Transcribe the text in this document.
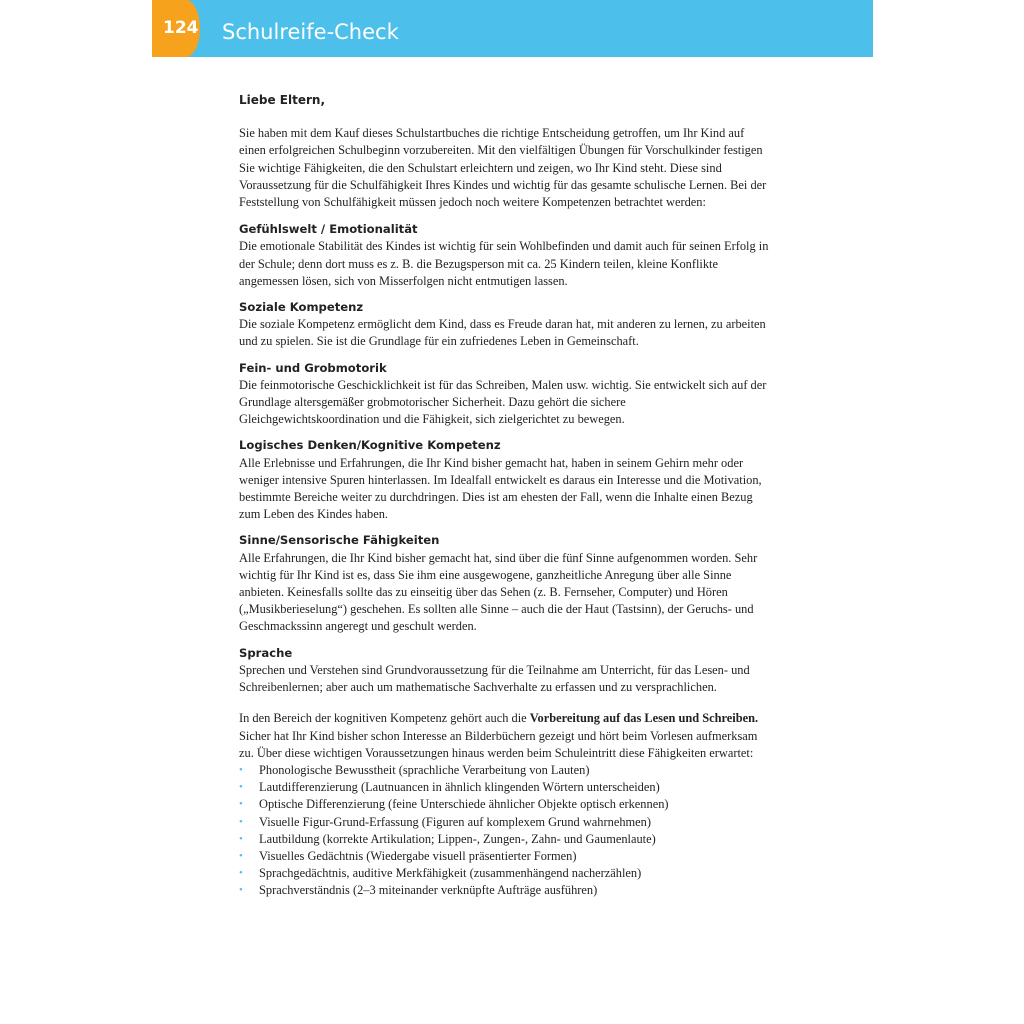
124 Schulreife-Check

Liebe Eltern,

Sie haben mit dem Kauf dieses Schulstartbuches die richtige Entscheidung getroffen, um Ihr Kind auf einen erfolgreichen Schulbeginn vorzubereiten. Mit den vielfältigen Übungen für Vorschulkinder festigen Sie wichtige Fähigkeiten, die den Schulstart erleichtern und zeigen, wo Ihr Kind steht. Diese sind Voraussetzung für die Schulfähigkeit Ihres Kindes und wichtig für das gesamte schulische Lernen. Bei der Feststellung von Schulfähigkeit müssen jedoch noch weitere Kompetenzen betrachtet werden:

Gefühlswelt / Emotionalität

Die emotionale Stabilität des Kindes ist wichtig für sein Wohlbefinden und damit auch für seinen Erfolg in der Schule; denn dort muss es z. B. die Bezugsperson mit ca. 25 Kindern teilen, kleine Konflikte angemessen lösen, sich von Misserfolgen nicht entmutigen lassen.

Soziale Kompetenz

Die soziale Kompetenz ermöglicht dem Kind, dass es Freude daran hat, mit anderen zu lernen, zu arbeiten und zu spielen. Sie ist die Grundlage für ein zufriedenes Leben in Gemeinschaft.

Fein- und Grobmotorik

Die feinmotorische Geschicklichkeit ist für das Schreiben, Malen usw. wichtig. Sie entwickelt sich auf der Grundlage altersgemäßer grobmotorischer Sicherheit. Dazu gehört die sichere Gleichgewichtskoordination und die Fähigkeit, sich zielgerichtet zu bewegen.

Logisches Denken/Kognitive Kompetenz

Alle Erlebnisse und Erfahrungen, die Ihr Kind bisher gemacht hat, haben in seinem Gehirn mehr oder weniger intensive Spuren hinterlassen. Im Idealfall entwickelt es daraus ein Interesse und die Motivation, bestimmte Bereiche weiter zu durchdringen. Dies ist am ehesten der Fall, wenn die Inhalte einen Bezug zum Leben des Kindes haben.

Sinne/Sensorische Fähigkeiten

Alle Erfahrungen, die Ihr Kind bisher gemacht hat, sind über die fünf Sinne aufgenommen worden. Sehr wichtig für Ihr Kind ist es, dass Sie ihm eine ausgewogene, ganzheitliche Anregung über alle Sinne anbieten. Keinesfalls sollte das zu einseitig über das Sehen (z. B. Fernseher, Computer) und Hören („Musikberieselung“) geschehen. Es sollten alle Sinne – auch die der Haut (Tastsinn), der Geruchs- und Geschmackssinn angeregt und geschult werden.

Sprache

Sprechen und Verstehen sind Grundvoraussetzung für die Teilnahme am Unterricht, für das Lesen- und Schreibenlernen; aber auch um mathematische Sachverhalte zu erfassen und zu versprachlichen.

In den Bereich der kognitiven Kompetenz gehört auch die Vorbereitung auf das Lesen und Schreiben. Sicher hat Ihr Kind bisher schon Interesse an Bilderbüchern gezeigt und hört beim Vorlesen aufmerksam zu. Über diese wichtigen Voraussetzungen hinaus werden beim Schuleintritt diese Fähigkeiten erwartet:

• Phonologische Bewusstheit (sprachliche Verarbeitung von Lauten)
• Lautdifferenzierung (Lautnuancen in ähnlich klingenden Wörtern unterscheiden)
• Optische Differenzierung (feine Unterschiede ähnlicher Objekte optisch erkennen)
• Visuelle Figur-Grund-Erfassung (Figuren auf komplexem Grund wahrnehmen)
• Lautbildung (korrekte Artikulation; Lippen-, Zungen-, Zahn- und Gaumenlaute)
• Visuelles Gedächtnis (Wiedergabe visuell präsentierter Formen)
• Sprachgedächtnis, auditive Merkfähigkeit (zusammenhängend nacherzählen)
• Sprachverständnis (2–3 miteinander verknüpfte Aufträge ausführen)
